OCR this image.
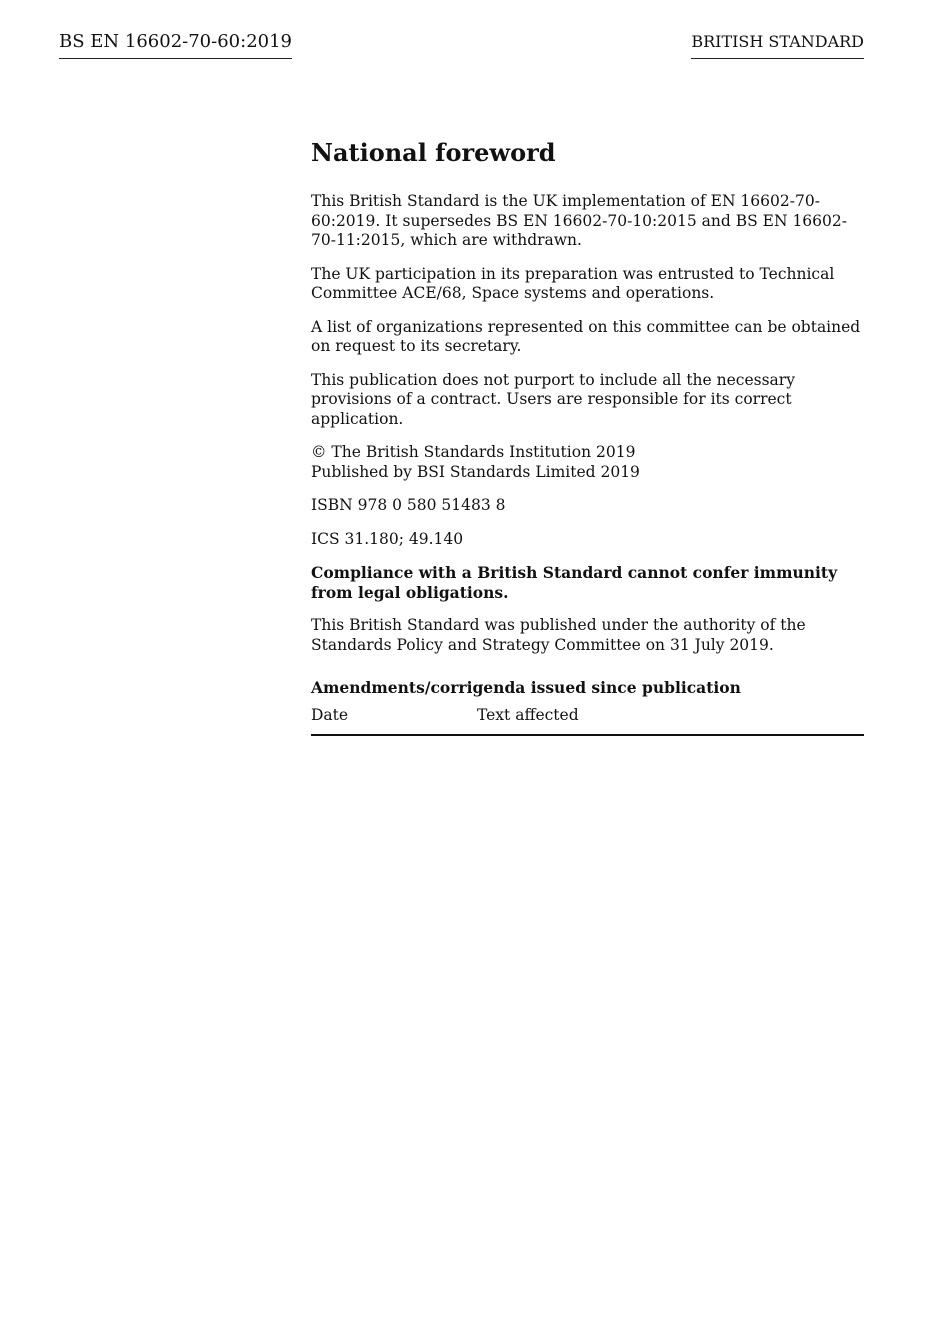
BS EN 16602-70-60:2019	BRITISH STANDARD
National foreword

This British Standard is the UK implementation of EN 16602-70-60:2019. It supersedes BS EN 16602-70-10:2015 and BS EN 16602-70-11:2015, which are withdrawn.

The UK participation in its preparation was entrusted to Technical Committee ACE/68, Space systems and operations.

A list of organizations represented on this committee can be obtained on request to its secretary.

This publication does not purport to include all the necessary provisions of a contract. Users are responsible for its correct application.

© The British Standards Institution 2019
Published by BSI Standards Limited 2019

ISBN 978 0 580 51483 8

ICS 31.180; 49.140

Compliance with a British Standard cannot confer immunity from legal obligations.

This British Standard was published under the authority of the Standards Policy and Strategy Committee on 31 July 2019.

Amendments/corrigenda issued since publication
Date	Text affected
